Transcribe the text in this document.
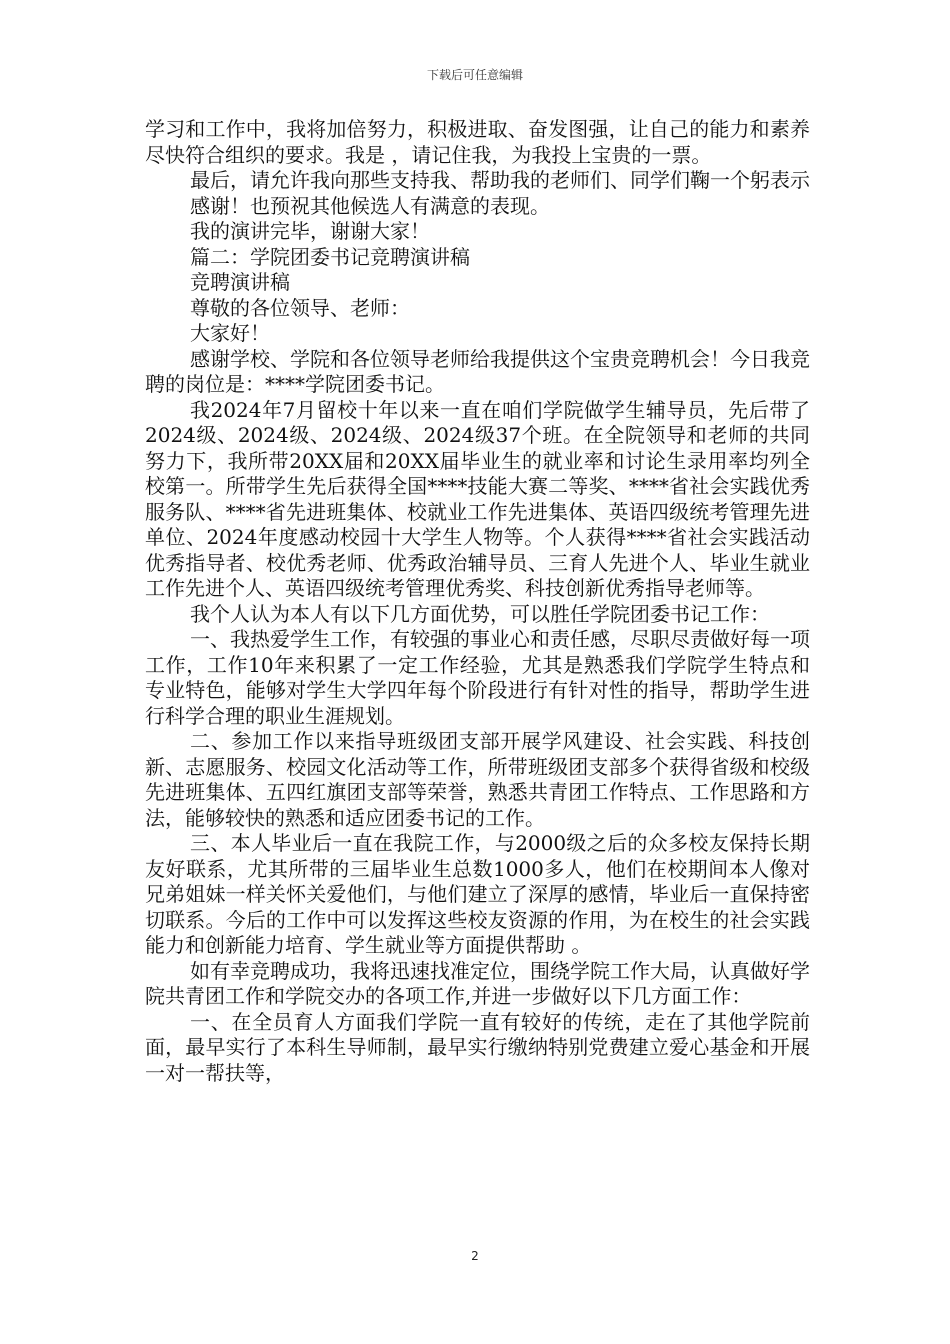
下载后可任意编辑

学习和工作中，我将加倍努力，积极进取、奋发图强，让自己的能力和素养尽快符合组织的要求。我是 ，请记住我，为我投上宝贵的一票。

最后，请允许我向那些支持我、帮助我的老师们、同学们鞠一个躬表示感谢！也预祝其他候选人有满意的表现。

我的演讲完毕，谢谢大家！

篇二：学院团委书记竞聘演讲稿

竞聘演讲稿

尊敬的各位领导、老师：

大家好！

感谢学校、学院和各位领导老师给我提供这个宝贵竞聘机会！今日我竞聘的岗位是：****学院团委书记。

我2024年7月留校十年以来一直在咱们学院做学生辅导员，先后带了2024级、2024级、2024级、2024级37个班。在全院领导和老师的共同努力下，我所带20XX届和20XX届毕业生的就业率和讨论生录用率均列全校第一。所带学生先后获得全国****技能大赛二等奖、****省社会实践优秀服务队、****省先进班集体、校就业工作先进集体、英语四级统考管理先进单位、2024年度感动校园十大学生人物等。个人获得****省社会实践活动优秀指导者、校优秀老师、优秀政治辅导员、三育人先进个人、毕业生就业工作先进个人、英语四级统考管理优秀奖、科技创新优秀指导老师等。

我个人认为本人有以下几方面优势，可以胜任学院团委书记工作：

一、我热爱学生工作，有较强的事业心和责任感，尽职尽责做好每一项工作，工作10年来积累了一定工作经验，尤其是熟悉我们学院学生特点和专业特色，能够对学生大学四年每个阶段进行有针对性的指导，帮助学生进行科学合理的职业生涯规划。

二、参加工作以来指导班级团支部开展学风建设、社会实践、科技创新、志愿服务、校园文化活动等工作，所带班级团支部多个获得省级和校级先进班集体、五四红旗团支部等荣誉，熟悉共青团工作特点、工作思路和方法，能够较快的熟悉和适应团委书记的工作。

三、本人毕业后一直在我院工作，与2000级之后的众多校友保持长期友好联系，尤其所带的三届毕业生总数1000多人，他们在校期间本人像对兄弟姐妹一样关怀关爱他们，与他们建立了深厚的感情，毕业后一直保持密切联系。今后的工作中可以发挥这些校友资源的作用，为在校生的社会实践能力和创新能力培育、学生就业等方面提供帮助 。

如有幸竞聘成功，我将迅速找准定位，围绕学院工作大局，认真做好学院共青团工作和学院交办的各项工作,并进一步做好以下几方面工作：

一、在全员育人方面我们学院一直有较好的传统，走在了其他学院前面，最早实行了本科生导师制，最早实行缴纳特别党费建立爱心基金和开展一对一帮扶等，

2
